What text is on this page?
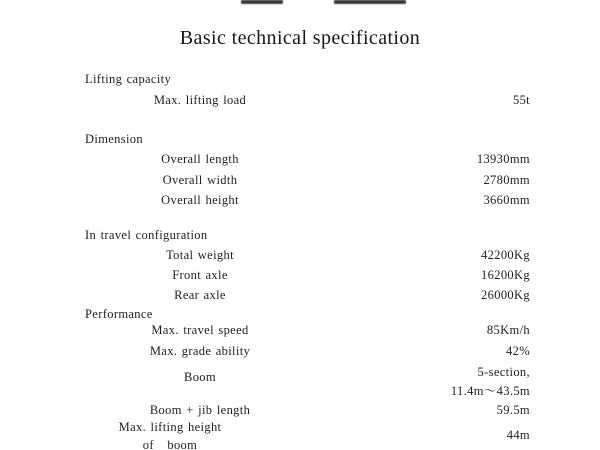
Basic technical specification
Lifting capacity
Max. lifting load	55t
Dimension
Overall length	13930mm
Overall width	2780mm
Overall height	3660mm
In travel configuration
Total weight	42200Kg
Front axle	16200Kg
Rear axle	26000Kg
Performance
Max. travel speed	85Km/h
Max. grade ability	42%
Boom	5-section,
11.4m～43.5m
Boom + jib length	59.5m
Max. lifting height
of boom
44m
